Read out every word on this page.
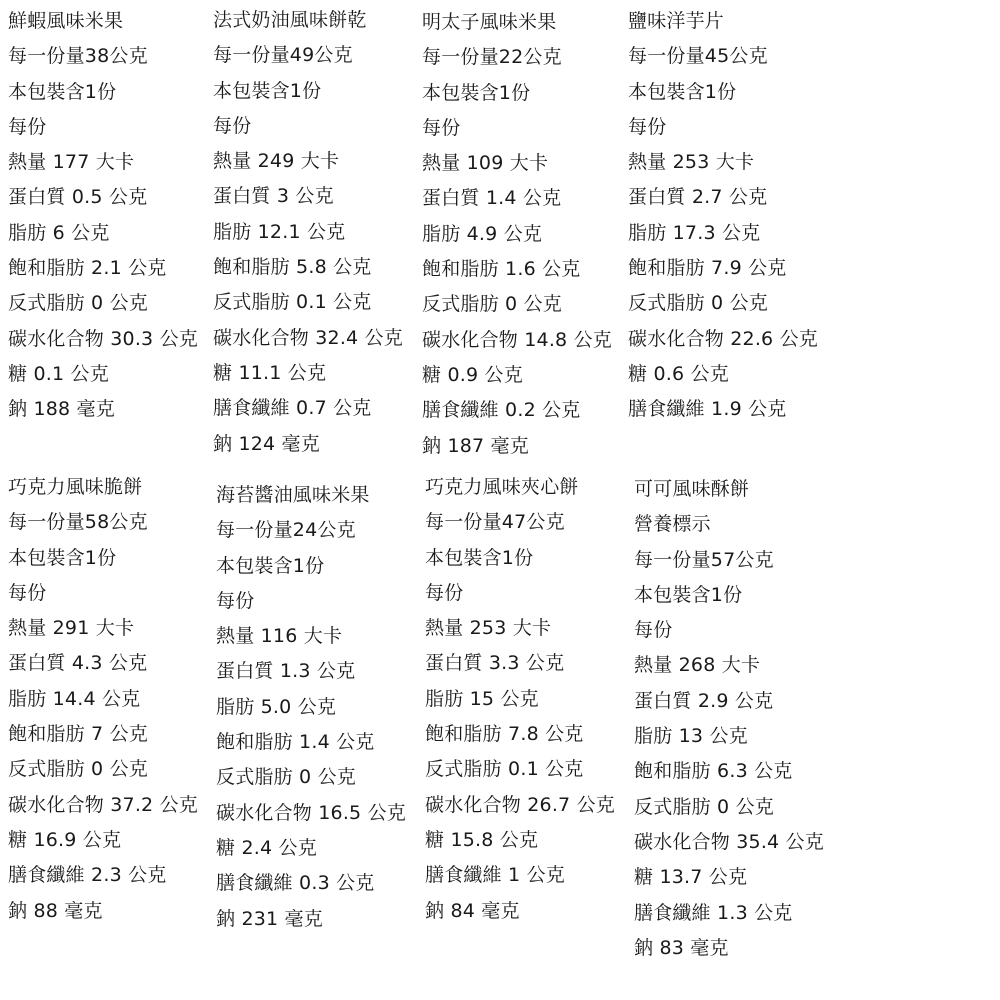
鮮蝦風味米果
每一份量38公克
本包裝含1份
每份
熱量 177 大卡
蛋白質 0.5 公克
脂肪 6 公克
飽和脂肪 2.1 公克
反式脂肪 0 公克
碳水化合物 30.3 公克
糖 0.1 公克
鈉 188 毫克
法式奶油風味餅乾
每一份量49公克
本包裝含1份
每份
熱量 249 大卡
蛋白質 3 公克
脂肪 12.1 公克
飽和脂肪 5.8 公克
反式脂肪 0.1 公克
碳水化合物 32.4 公克
糖 11.1 公克
膳食纖維 0.7 公克
鈉 124 毫克
明太子風味米果
每一份量22公克
本包裝含1份
每份
熱量 109 大卡
蛋白質 1.4 公克
脂肪 4.9 公克
飽和脂肪 1.6 公克
反式脂肪 0 公克
碳水化合物 14.8 公克
糖 0.9 公克
膳食纖維 0.2 公克
鈉 187 毫克
鹽味洋芋片
每一份量45公克
本包裝含1份
每份
熱量 253 大卡
蛋白質 2.7 公克
脂肪 17.3 公克
飽和脂肪 7.9 公克
反式脂肪 0 公克
碳水化合物 22.6 公克
糖 0.6 公克
膳食纖維 1.9 公克
巧克力風味脆餅
每一份量58公克
本包裝含1份
每份
熱量 291 大卡
蛋白質 4.3 公克
脂肪 14.4 公克
飽和脂肪 7 公克
反式脂肪 0 公克
碳水化合物 37.2 公克
糖 16.9 公克
膳食纖維 2.3 公克
鈉 88 毫克
海苔醬油風味米果
每一份量24公克
本包裝含1份
每份
熱量 116 大卡
蛋白質 1.3 公克
脂肪 5.0 公克
飽和脂肪 1.4 公克
反式脂肪 0 公克
碳水化合物 16.5 公克
糖 2.4 公克
膳食纖維 0.3 公克
鈉 231 毫克
巧克力風味夾心餅
每一份量47公克
本包裝含1份
每份
熱量 253 大卡
蛋白質 3.3 公克
脂肪 15 公克
飽和脂肪 7.8 公克
反式脂肪 0.1 公克
碳水化合物 26.7 公克
糖 15.8 公克
膳食纖維 1 公克
鈉 84 毫克
可可風味酥餅
營養標示
每一份量57公克
本包裝含1份
每份
熱量 268 大卡
蛋白質 2.9 公克
脂肪 13 公克
飽和脂肪 6.3 公克
反式脂肪 0 公克
碳水化合物 35.4 公克
糖 13.7 公克
膳食纖維 1.3 公克
鈉 83 毫克
